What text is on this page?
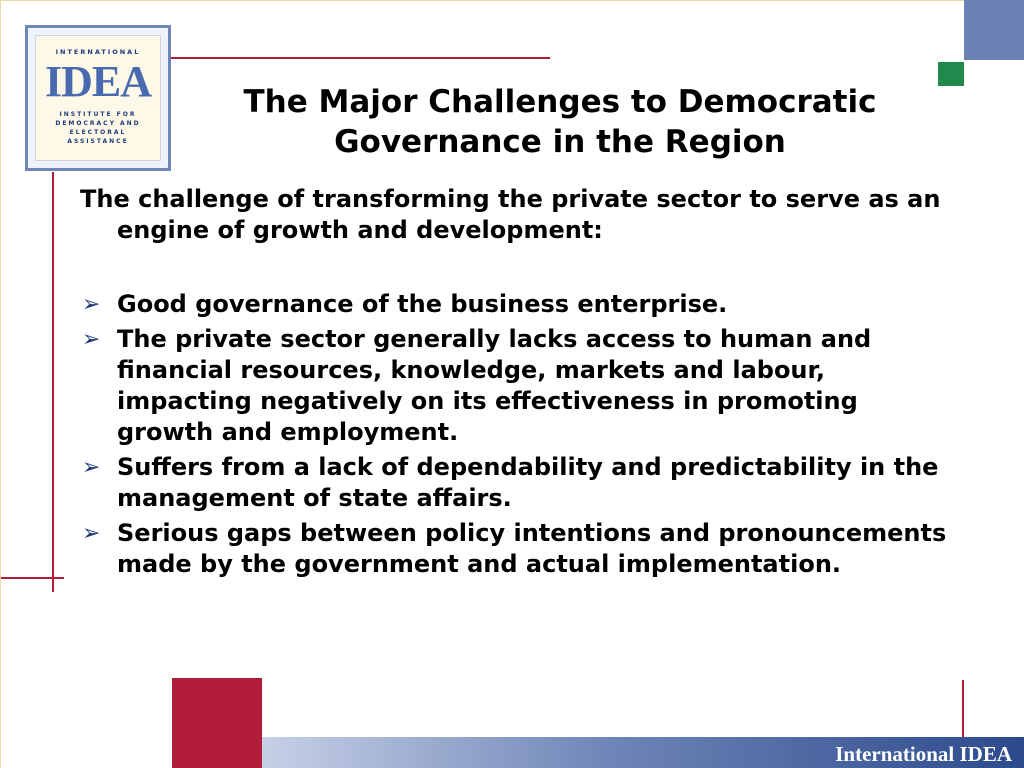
INTERNATIONAL
IDEA
INSTITUTE FOR
DEMOCRACY AND
ELECTORAL
ASSISTANCE
The Major Challenges to Democratic Governance in the Region

The challenge of transforming the private sector to serve as an engine of growth and development:

➢ Good governance of the business enterprise.
➢ The private sector generally lacks access to human and financial resources, knowledge, markets and labour, impacting negatively on its effectiveness in promoting growth and employment.
➢ Suffers from a lack of dependability and predictability in the management of state affairs.
➢ Serious gaps between policy intentions and pronouncements made by the government and actual implementation.
International IDEA
